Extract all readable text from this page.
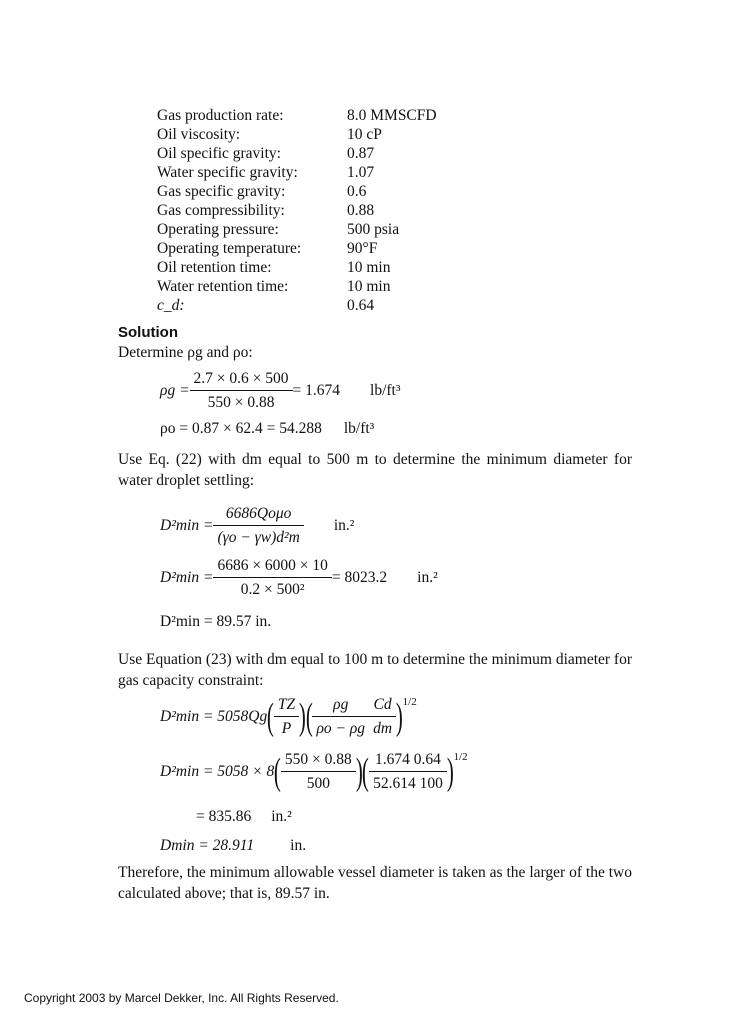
Gas production rate:	8.0 MMSCFD
Oil viscosity:	10 cP
Oil specific gravity:	0.87
Water specific gravity:	1.07
Gas specific gravity:	0.6
Gas compressibility:	0.88
Operating pressure:	500 psia
Operating temperature:	90°F
Oil retention time:	10 min
Water retention time:	10 min
c_d:	0.64
Solution
Determine ρg and ρo:
$\rho g = \frac{2.7 \times 0.6 \times 500}{550 \times 0.88} = 1.674$ lb/ft³
ρo = 0.87 × 62.4 = 54.288 lb/ft³
Use Eq. (22) with dm equal to 500 m to determine the minimum diameter for water droplet settling:
$D^2\min = \frac{\text{6686Qoμo}}{\text{(γo − γw)d²m}} in.^2$
$D^2\min = \frac{6686 \times 6000 \times 10}{\text{0.2 × 500²}} = 8023.2$ in.²
D²min = 89.57 in.
Use Equation (23) with dm equal to 100 m to determine the minimum diameter for gas capacity constraint:
D²min = 5058Qg ( $\frac{TZ}{P}$ ) ( $\frac{\rho g}{\rho o - \rho g} \frac{Cd}{dm}$ ) 1/2
D²min = 5058 × 8 ( $\frac{550 \times 0.88}{500}$ ) ( $\frac{1.674 0.64}{52.614 100}$ ) 1/2
= 835.86 in.²
Dmin = 28.911 in.
Therefore, the minimum allowable vessel diameter is taken as the larger of the two calculated above; that is, 89.57 in.
Copyright 2003 by Marcel Dekker, Inc. All Rights Reserved.
